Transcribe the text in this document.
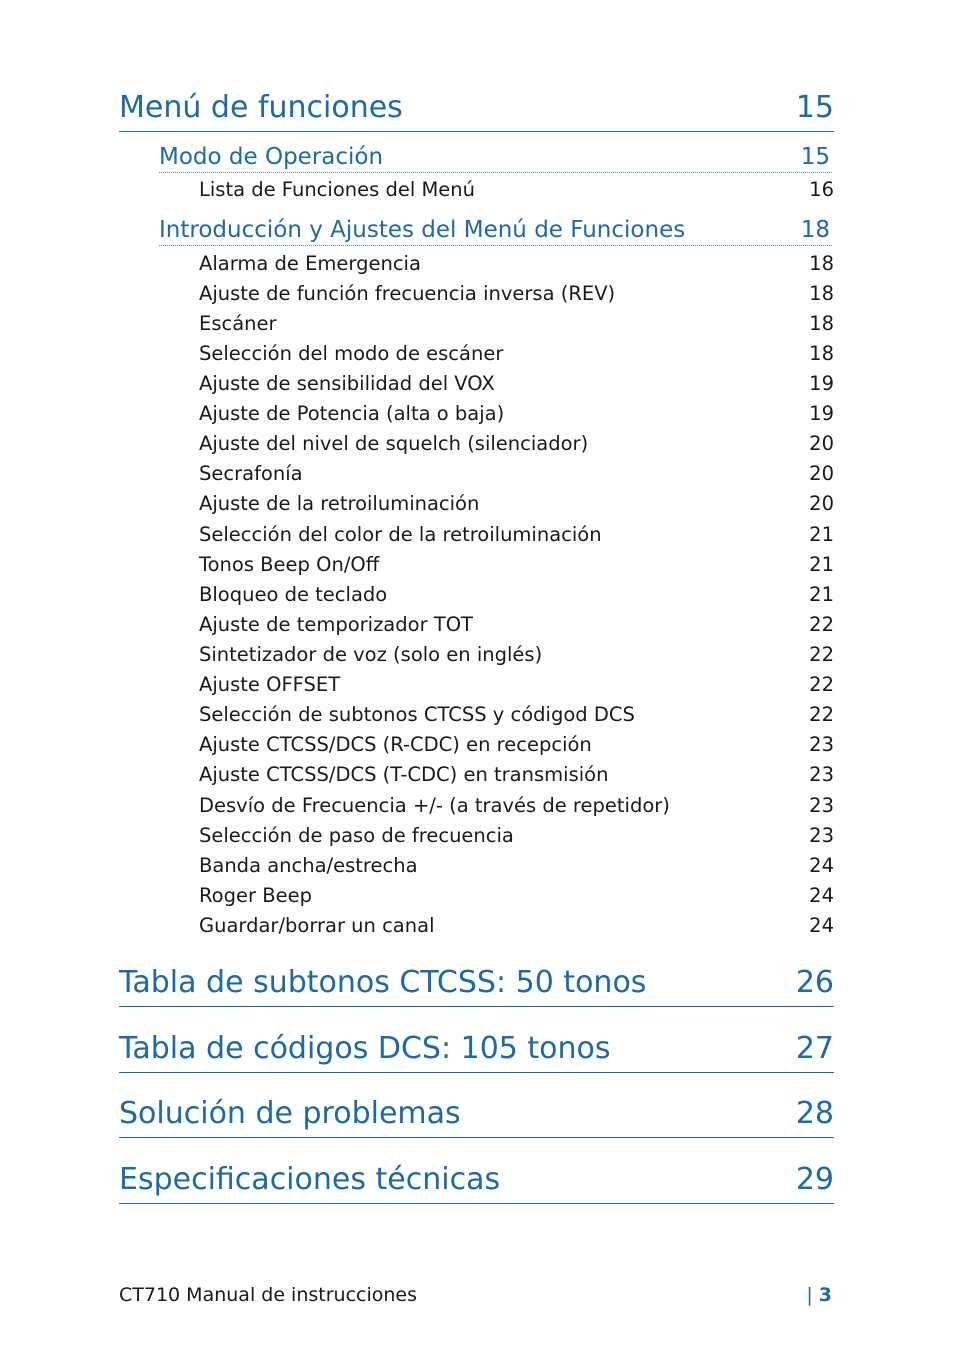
Menú de funciones	15
Modo de Operación	15
Lista de Funciones del Menú	16
Introducción y Ajustes del Menú de Funciones	18
Alarma de Emergencia	18
Ajuste de función frecuencia inversa (REV)	18
Escáner	18
Selección del modo de escáner	18
Ajuste de sensibilidad del VOX	19
Ajuste de Potencia (alta o baja)	19
Ajuste del nivel de squelch (silenciador)	20
Secrafonía	20
Ajuste de la retroiluminación	20
Selección del color de la retroiluminación	21
Tonos Beep On/Off	21
Bloqueo de teclado	21
Ajuste de temporizador TOT	22
Sintetizador de voz (solo en inglés)	22
Ajuste OFFSET	22
Selección de subtonos CTCSS y códigod DCS	22
Ajuste CTCSS/DCS (R-CDC) en recepción	23
Ajuste CTCSS/DCS (T-CDC) en transmisión	23
Desvío de Frecuencia +/- (a través de repetidor)	23
Selección de paso de frecuencia	23
Banda ancha/estrecha	24
Roger Beep	24
Guardar/borrar un canal	24
Tabla de subtonos CTCSS: 50 tonos	26
Tabla de códigos DCS: 105 tonos	27
Solución de problemas	28
Especificaciones técnicas	29
CT710 Manual de instrucciones	| 3
